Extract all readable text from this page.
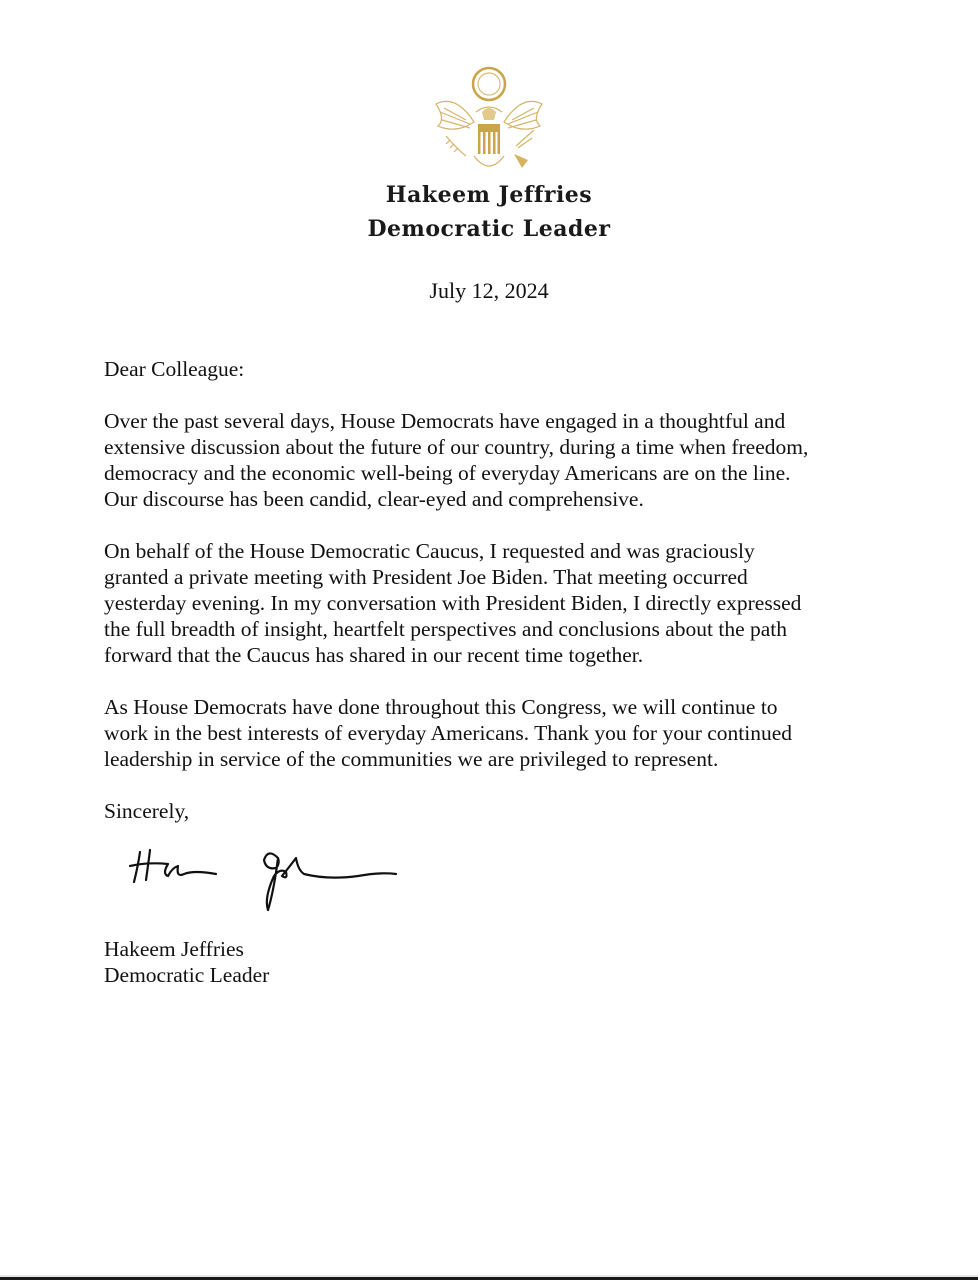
Hakeem Jeffries
Democratic Leader
July 12, 2024

Dear Colleague:

Over the past several days, House Democrats have engaged in a thoughtful and
extensive discussion about the future of our country, during a time when freedom,
democracy and the economic well-being of everyday Americans are on the line.
Our discourse has been candid, clear-eyed and comprehensive.

On behalf of the House Democratic Caucus, I requested and was graciously
granted a private meeting with President Joe Biden. That meeting occurred
yesterday evening. In my conversation with President Biden, I directly expressed
the full breadth of insight, heartfelt perspectives and conclusions about the path
forward that the Caucus has shared in our recent time together.

As House Democrats have done throughout this Congress, we will continue to
work in the best interests of everyday Americans. Thank you for your continued
leadership in service of the communities we are privileged to represent.

Sincerely,

Hakeem Jeffries
Democratic Leader
